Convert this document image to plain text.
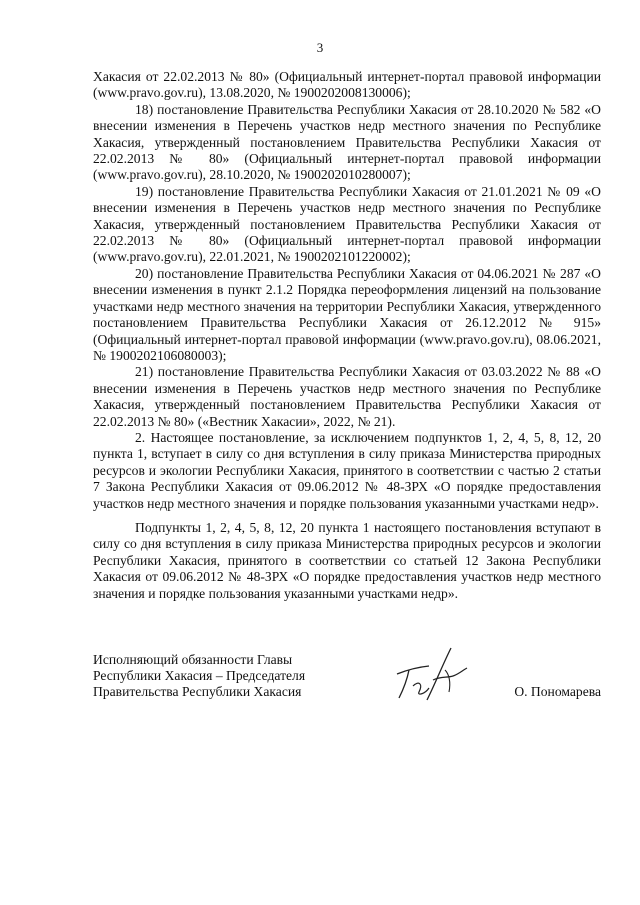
3

Хакасия от 22.02.2013 № 80» (Официальный интернет-портал правовой информации (www.pravo.gov.ru), 13.08.2020, № 1900202008130006);

18) постановление Правительства Республики Хакасия от 28.10.2020 № 582 «О внесении изменения в Перечень участков недр местного значения по Республике Хакасия, утвержденный постановлением Правительства Республики Хакасия от 22.02.2013 № 80» (Официальный интернет-портал правовой информации (www.pravo.gov.ru), 28.10.2020, № 1900202010280007);

19) постановление Правительства Республики Хакасия от 21.01.2021 № 09 «О внесении изменения в Перечень участков недр местного значения по Республике Хакасия, утвержденный постановлением Правительства Республики Хакасия от 22.02.2013 № 80» (Официальный интернет-портал правовой информации (www.pravo.gov.ru), 22.01.2021, № 1900202101220002);

20) постановление Правительства Республики Хакасия от 04.06.2021 № 287 «О внесении изменения в пункт 2.1.2 Порядка переоформления лицензий на пользование участками недр местного значения на территории Республики Хакасия, утвержденного постановлением Правительства Республики Хакасия от 26.12.2012 № 915» (Официальный интернет-портал правовой информации (www.pravo.gov.ru), 08.06.2021, № 1900202106080003);

21) постановление Правительства Республики Хакасия от 03.03.2022 № 88 «О внесении изменения в Перечень участков недр местного значения по Республике Хакасия, утвержденный постановлением Правительства Республики Хакасия от 22.02.2013 № 80» («Вестник Хакасии», 2022, № 21).

2. Настоящее постановление, за исключением подпунктов 1, 2, 4, 5, 8, 12, 20 пункта 1, вступает в силу со дня вступления в силу приказа Министерства природных ресурсов и экологии Республики Хакасия, принятого в соответствии с частью 2 статьи 7 Закона Республики Хакасия от 09.06.2012 № 48-ЗРХ «О порядке предоставления участков недр местного значения и порядке пользования указанными участками недр».

Подпункты 1, 2, 4, 5, 8, 12, 20 пункта 1 настоящего постановления вступают в силу со дня вступления в силу приказа Министерства природных ресурсов и экологии Республики Хакасия, принятого в соответствии со статьей 12 Закона Республики Хакасия от 09.06.2012 № 48-ЗРХ «О порядке предоставления участков недр местного значения и порядке пользования указанными участками недр».

Исполняющий обязанности Главы
Республики Хакасия – Председателя
Правительства Республики Хакасия	О. Пономарева
